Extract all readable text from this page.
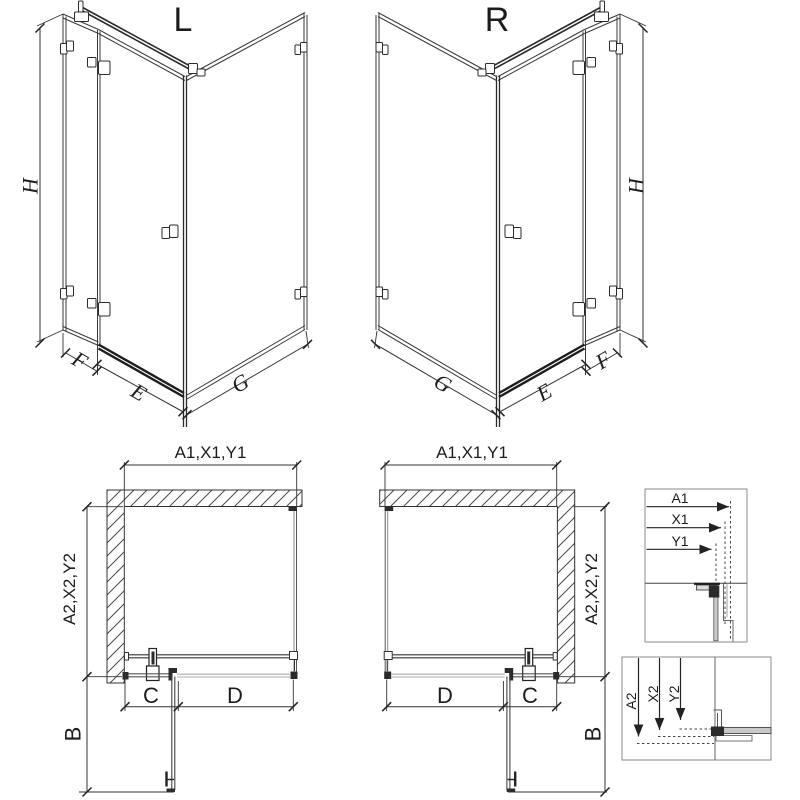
L
H
F
E	G
R
H
F
E
G
A1,X1,Y1
A2,X2,Y2
B
C	D
A1,X1,Y1
A2,X2,Y2
B
D	C
A1
X1
Y1
A2 X2 Y2
